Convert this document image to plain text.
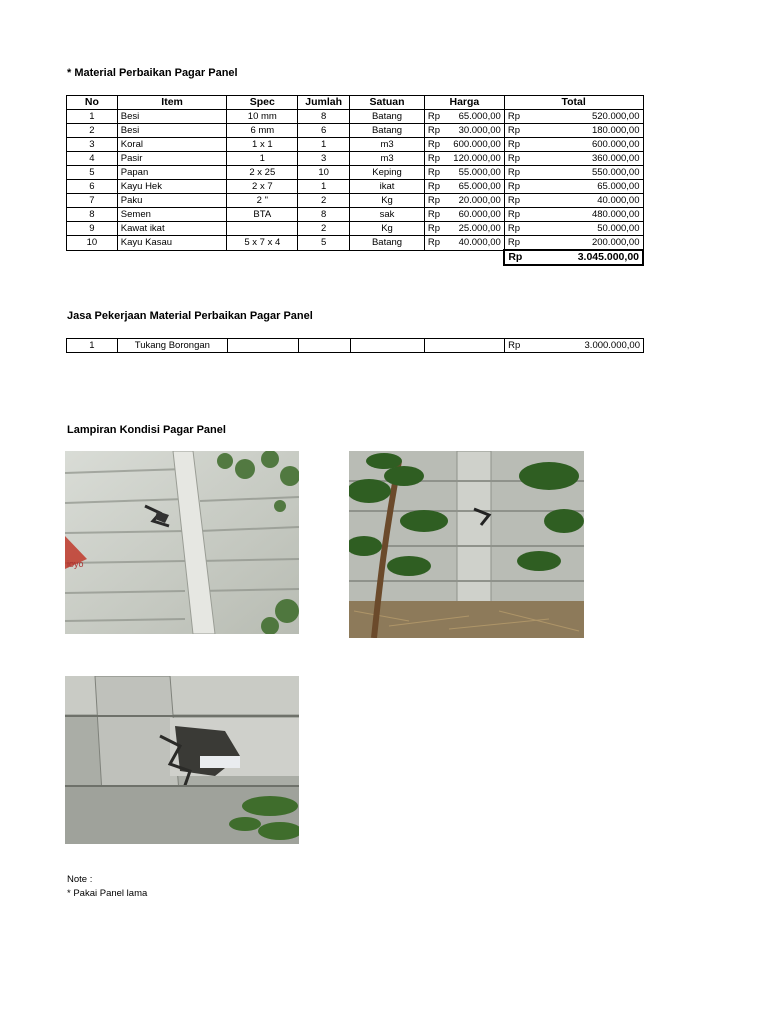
* Material Perbaikan Pagar Panel
No	Item	Spec	Jumlah	Satuan	Harga	Total
1	Besi	10 mm	8	Batang	Rp 65.000,00	Rp 520.000,00

2	Besi	6 mm	6	Batang	Rp 30.000,00	Rp 180.000,00

3	Koral	1 x 1	1	m3	Rp 600.000,00	Rp 600.000,00

4	Pasir	1	3	m3	Rp 120.000,00	Rp 360.000,00

5	Papan	2 x 25	10	Keping	Rp 55.000,00	Rp 550.000,00

6	Kayu Hek	2 x 7	1	ikat	Rp 65.000,00	Rp 65.000,00

7	Paku	2 "	2	Kg	Rp 20.000,00	Rp 40.000,00

8	Semen	BTA	8	sak	Rp 60.000,00	Rp 480.000,00

9	Kawat ikat		2	Kg	Rp 25.000,00	Rp 50.000,00

10	Kayu Kasau	5 x 7 x 4	5	Batang	Rp 40.000,00	Rp 200.000,00

						Rp 3.045.000,00
Jasa Pekerjaan Material Perbaikan Pagar Panel
1	Tukang Borongan					Rp	3.000.000,00
Lampiran Kondisi Pagar Panel
ioyo
Note :
* Pakai Panel lama
